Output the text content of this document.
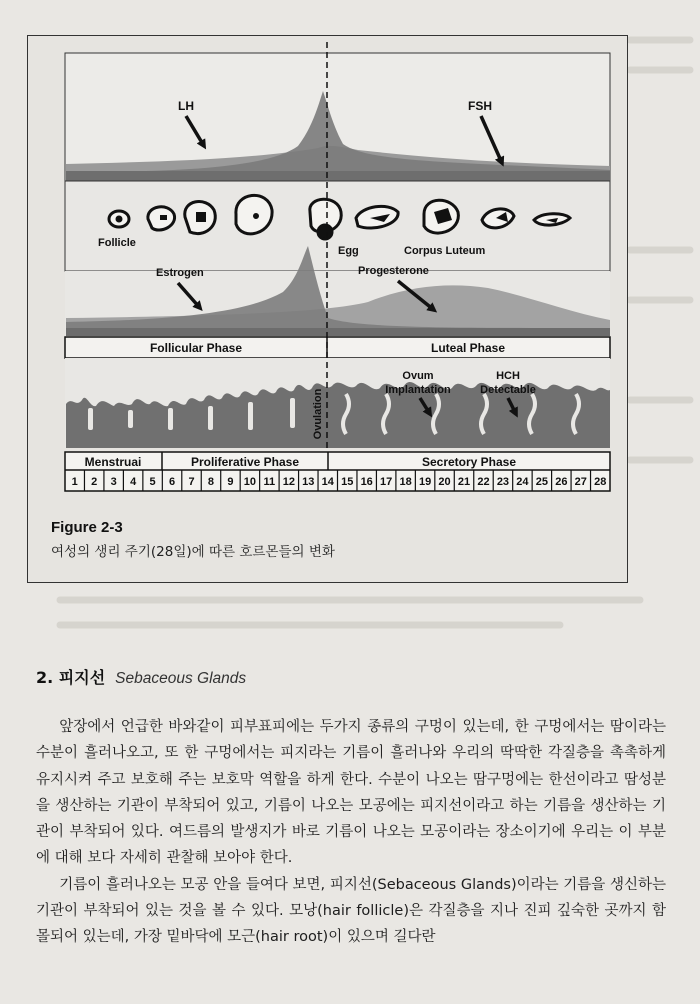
LH	FSH
Follicle
Egg	Corpus Luteum
Estrogen	Progesterone
Follicular Phase	Luteal Phase
Ovulation
Ovum
Implantation
HCH
Detectable
Menstruai	Proliferative Phase	Secretory Phase
1 2 3 4 5 6 7 8 9 10 11 12 13 14 15 16 17 18 19 20 21 22 23 24 25 26 27 28
Figure 2-3
여성의 생리 주기(28일)에 따른 호르몬들의 변화
2. 피지선 Sebaceous Glands

앞장에서 언급한 바와같이 피부표피에는 두가지 종류의 구멍이 있는데, 한 구멍에서는 땀이라는 수분이 흘러나오고, 또 한 구멍에서는 피지라는 기름이 흘러나와 우리의 딱딱한 각질층을 촉촉하게 유지시켜 주고 보호해 주는 보호막 역할을 하게 한다. 수분이 나오는 땀구멍에는 한선이라고 땀성분을 생산하는 기관이 부착되어 있고, 기름이 나오는 모공에는 피지선이라고 하는 기름을 생산하는 기관이 부착되어 있다. 여드름의 발생지가 바로 기름이 나오는 모공이라는 장소이기에 우리는 이 부분에 대해 보다 자세히 관찰해 보아야 한다.

기름이 흘러나오는 모공 안을 들여다 보면, 피지선(Sebaceous Glands)이라는 기름을 생신하는 기관이 부착되어 있는 것을 볼 수 있다. 모낭(hair follicle)은 각질층을 지나 진피 깊숙한 곳까지 함몰되어 있는데, 가장 밑바닥에 모근(hair root)이 있으며 길다란
